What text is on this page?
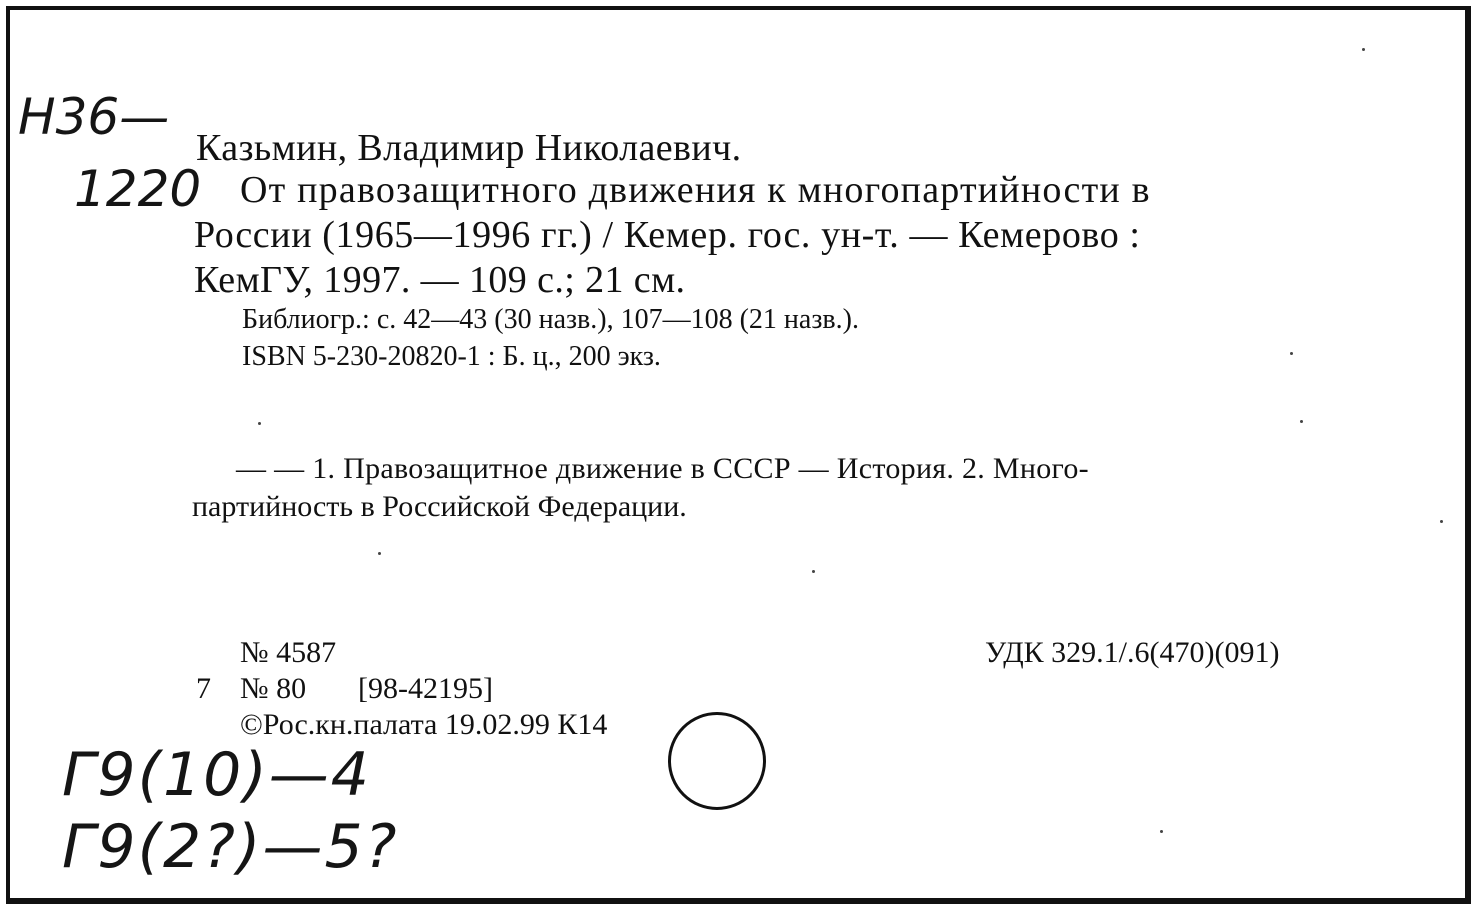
Н36—
1220
Казьмин, Владимир Николаевич.
От правозащитного движения к многопартийности в
России (1965—1996 гг.) / Кемер. гос. ун-т. — Кемерово :
КемГУ, 1997. — 109 с.; 21 см.
Библиогр.: с. 42—43 (30 назв.), 107—108 (21 назв.).
ISBN 5-230-20820-1 : Б. ц., 200 экз.
— — 1. Правозащитное движение в СССР — История. 2. Много-
партийность в Российской Федерации.
№ 4587	УДК 329.1/.6(470)(091)
7 № 80 [98-42195]
©Рос.кн.палата 19.02.99 К14
Г9(10)—4
Г9(2?)—5?
